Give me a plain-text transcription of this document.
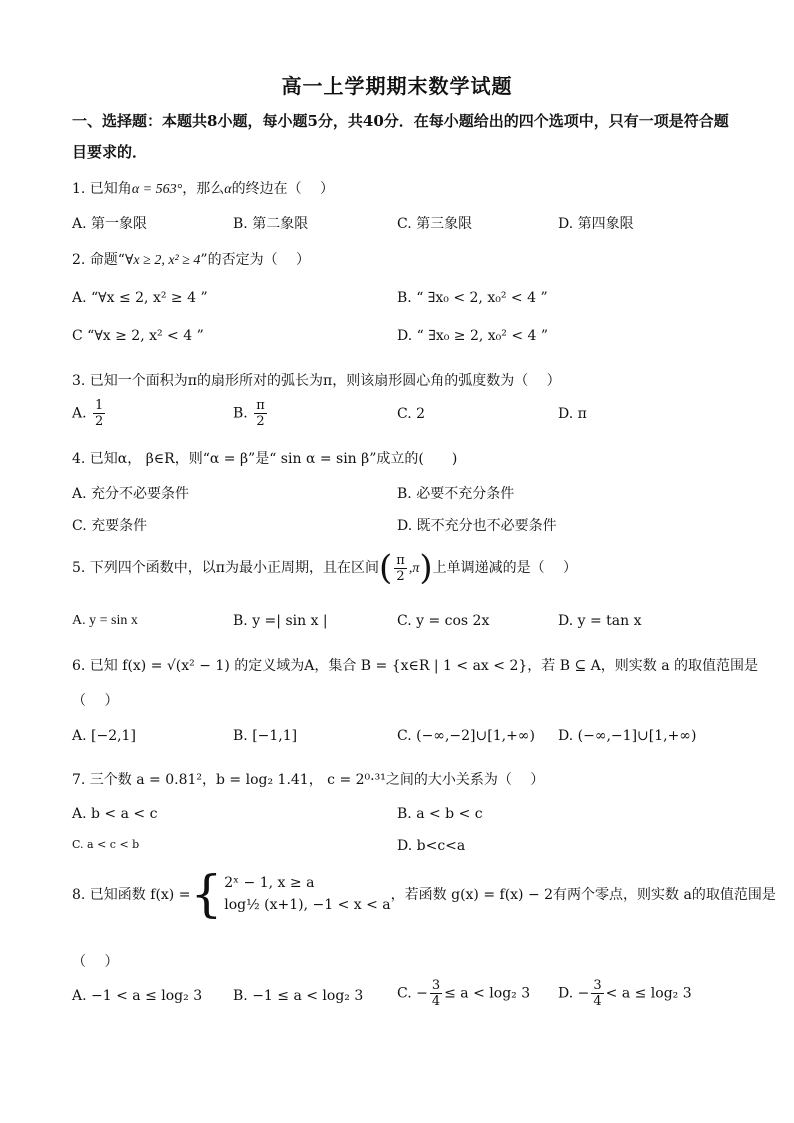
高一上学期期末数学试题
一、选择题：本题共8小题，每小题5分，共40分．在每小题给出的四个选项中，只有一项是符合题目要求的．
1. 已知角α = 563°，那么α的终边在（　 ）
A. 第一象限	B. 第二象限	C. 第三象限	D. 第四象限
2. 命题“∀x ≥ 2, x² ≥ 4”的否定为（　 ）
A. “∀x ≤ 2, x² ≥ 4 ”	B. “ ∃x₀ < 2, x₀² < 4 ”
C “∀x ≥ 2, x² < 4 ”	D. “ ∃x₀ ≥ 2, x₀² < 4 ”
3. 已知一个面积为π的扇形所对的弧长为π，则该扇形圆心角的弧度数为（　 ）
A. $\frac{1}{2}$	B. $\frac{\pi}{2}$	C. 2	D. π
4. 已知α， β∈R，则“α = β”是“ sin α = sin β”成立的(　　)
A. 充分不必要条件	B. 必要不充分条件
C. 充要条件	D. 既不充分也不必要条件
5. 下列四个函数中，以π为最小正周期，且在区间( $\frac{\pi}{2} ,\pi$)上单调递减的是（　 ）
A. y = sin x	B. y =| sin x |	C. y = cos 2x	D. y = tan x
6. 已知 f(x) = √(x² − 1) 的定义域为A，集合 B = {x∈R | 1 < ax < 2}，若 B ⊆ A，则实数 a 的取值范围是
（　 ）
A. [−2,1]	B. [−1,1]	C. (−∞,−2]∪[1,+∞) D. (−∞,−1]∪[1,+∞)
7. 三个数 a = 0.81²，b = log₂ 1.41， c = 2⁰·³¹之间的大小关系为（　 ）
A. b < a < c	B. a < b < c
C. a < c < b	D. b<c<a
8. 已知函数 f(x) ={ 2ˣ − 1, x ≥ a
log½ (x+1), −1 < x < a
，若函数 g(x) = f(x) − 2有两个零点，则实数 a的取值范围是
（　 ）
A. −1 < a ≤ log₂ 3 B. −1 ≤ a < log₂ 3 C. − $\frac{3}{4} \le a < \log_2$ 3 D. − $\frac{3}{4} < a \le \log_2$ 3
